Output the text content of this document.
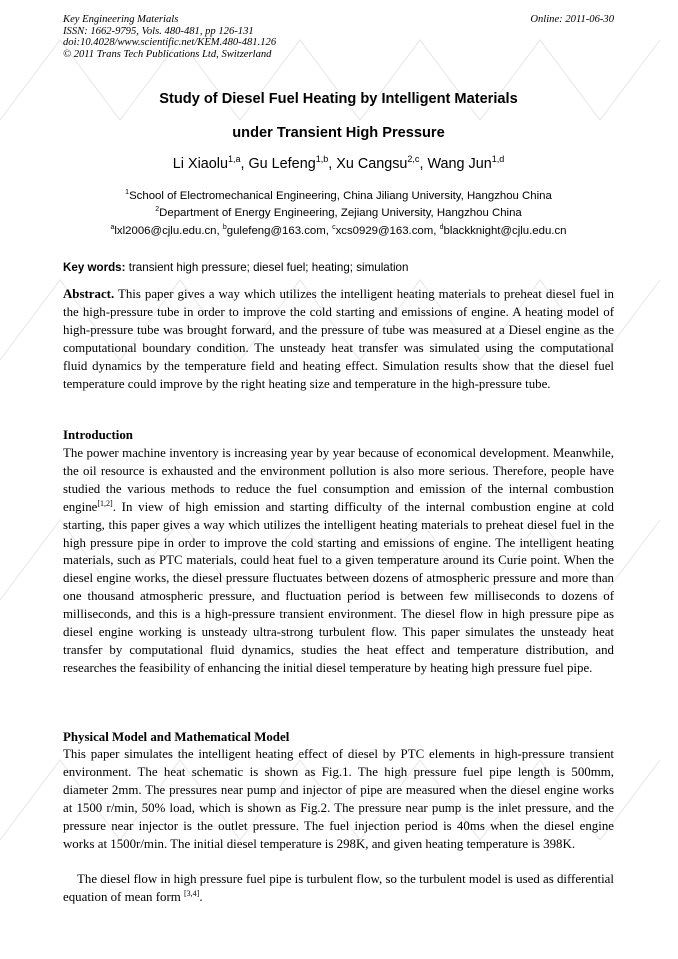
Key Engineering Materials
ISSN: 1662-9795, Vols. 480-481, pp 126-131
doi:10.4028/www.scientific.net/KEM.480-481.126
© 2011 Trans Tech Publications Ltd, Switzerland
Online: 2011-06-30
Study of Diesel Fuel Heating by Intelligent Materials
under Transient High Pressure
Li Xiaolu$^{1,a}$, Gu Lefeng$^{1,b}$, Xu Cangsu$^{2,c}$, Wang Jun$^{1,d}$
$^1$School of Electromechanical Engineering, China Jiliang University, Hangzhou China
$^2$Department of Energy Engineering, Zejiang University, Hangzhou China
$^a$lxl2006@cjlu.edu.cn, $^b$gulefeng@163.com, $^c$xcs0929@163.com, $^d$blackknight@cjlu.edu.cn
Key words: transient high pressure; diesel fuel; heating; simulation

Abstract. This paper gives a way which utilizes the intelligent heating materials to preheat diesel fuel in the high-pressure tube in order to improve the cold starting and emissions of engine. A heating model of high-pressure tube was brought forward, and the pressure of tube was measured at a Diesel engine as the computational boundary condition. The unsteady heat transfer was simulated using the computational fluid dynamics by the temperature field and heating effect. Simulation results show that the diesel fuel temperature could improve by the right heating size and temperature in the high-pressure tube.

Introduction

The power machine inventory is increasing year by year because of economical development. Meanwhile, the oil resource is exhausted and the environment pollution is also more serious. Therefore, people have studied the various methods to reduce the fuel consumption and emission of the internal combustion engine[1,2]. In view of high emission and starting difficulty of the internal combustion engine at cold starting, this paper gives a way which utilizes the intelligent heating materials to preheat diesel fuel in the high pressure pipe in order to improve the cold starting and emissions of engine. The intelligent heating materials, such as PTC materials, could heat fuel to a given temperature around its Curie point. When the diesel engine works, the diesel pressure fluctuates between dozens of atmospheric pressure and more than one thousand atmospheric pressure, and fluctuation period is between few milliseconds to dozens of milliseconds, and this is a high-pressure transient environment. The diesel flow in high pressure pipe as diesel engine working is unsteady ultra-strong turbulent flow. This paper simulates the unsteady heat transfer by computational fluid dynamics, studies the heat effect and temperature distribution, and researches the feasibility of enhancing the initial diesel temperature by heating high pressure fuel pipe.

Physical Model and Mathematical Model

This paper simulates the intelligent heating effect of diesel by PTC elements in high-pressure transient environment. The heat schematic is shown as Fig.1. The high pressure fuel pipe length is 500mm, diameter 2mm. The pressures near pump and injector of pipe are measured when the diesel engine works at 1500 r/min, 50% load, which is shown as Fig.2. The pressure near pump is the inlet pressure, and the pressure near injector is the outlet pressure. The fuel injection period is 40ms when the diesel engine works at 1500r/min. The initial diesel temperature is 298K, and given heating temperature is 398K.

The diesel flow in high pressure fuel pipe is turbulent flow, so the turbulent model is used as differential equation of mean form [3,4].
